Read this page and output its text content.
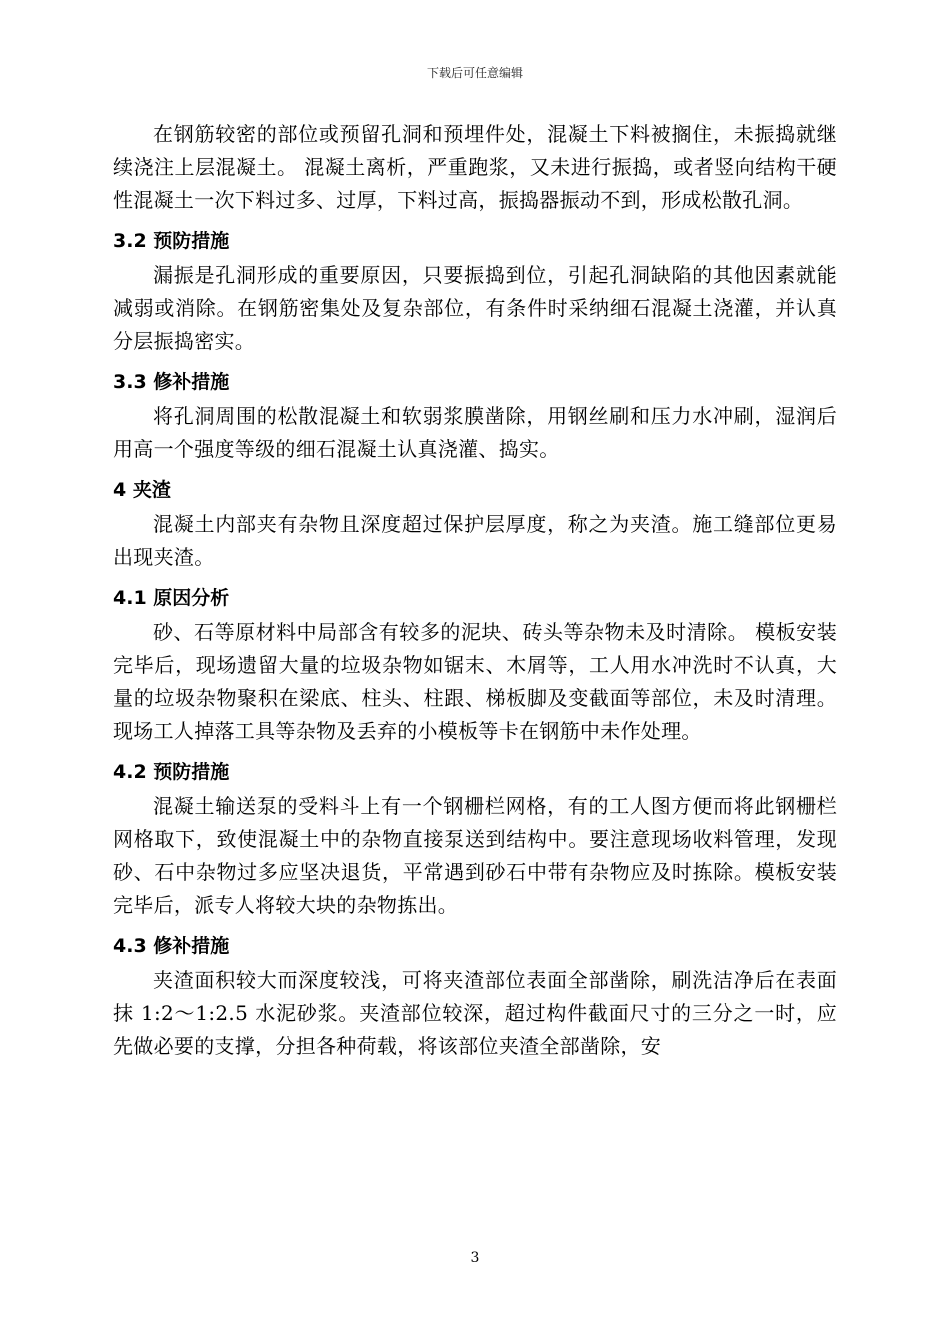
下载后可任意编辑

在钢筋较密的部位或预留孔洞和预埋件处，混凝土下料被搁住，未振捣就继续浇注上层混凝土。 混凝土离析，严重跑浆，又未进行振捣，或者竖向结构干硬性混凝土一次下料过多、过厚，下料过高，振捣器振动不到，形成松散孔洞。

3.2 预防措施

漏振是孔洞形成的重要原因，只要振捣到位，引起孔洞缺陷的其他因素就能减弱或消除。在钢筋密集处及复杂部位，有条件时采纳细石混凝土浇灌，并认真分层振捣密实。

3.3 修补措施

将孔洞周围的松散混凝土和软弱浆膜凿除，用钢丝刷和压力水冲刷，湿润后用高一个强度等级的细石混凝土认真浇灌、捣实。

4 夹渣

混凝土内部夹有杂物且深度超过保护层厚度，称之为夹渣。施工缝部位更易出现夹渣。

4.1 原因分析

砂、石等原材料中局部含有较多的泥块、砖头等杂物未及时清除。 模板安装完毕后，现场遗留大量的垃圾杂物如锯末、木屑等，工人用水冲洗时不认真，大量的垃圾杂物聚积在梁底、柱头、柱跟、梯板脚及变截面等部位，未及时清理。 现场工人掉落工具等杂物及丢弃的小模板等卡在钢筋中未作处理。

4.2 预防措施

混凝土输送泵的受料斗上有一个钢栅栏网格，有的工人图方便而将此钢栅栏网格取下，致使混凝土中的杂物直接泵送到结构中。要注意现场收料管理，发现砂、石中杂物过多应坚决退货，平常遇到砂石中带有杂物应及时拣除。模板安装完毕后，派专人将较大块的杂物拣出。

4.3 修补措施

夹渣面积较大而深度较浅，可将夹渣部位表面全部凿除，刷洗洁净后在表面抹 1:2～1:2.5 水泥砂浆。夹渣部位较深，超过构件截面尺寸的三分之一时，应先做必要的支撑，分担各种荷载，将该部位夹渣全部凿除，安

3
